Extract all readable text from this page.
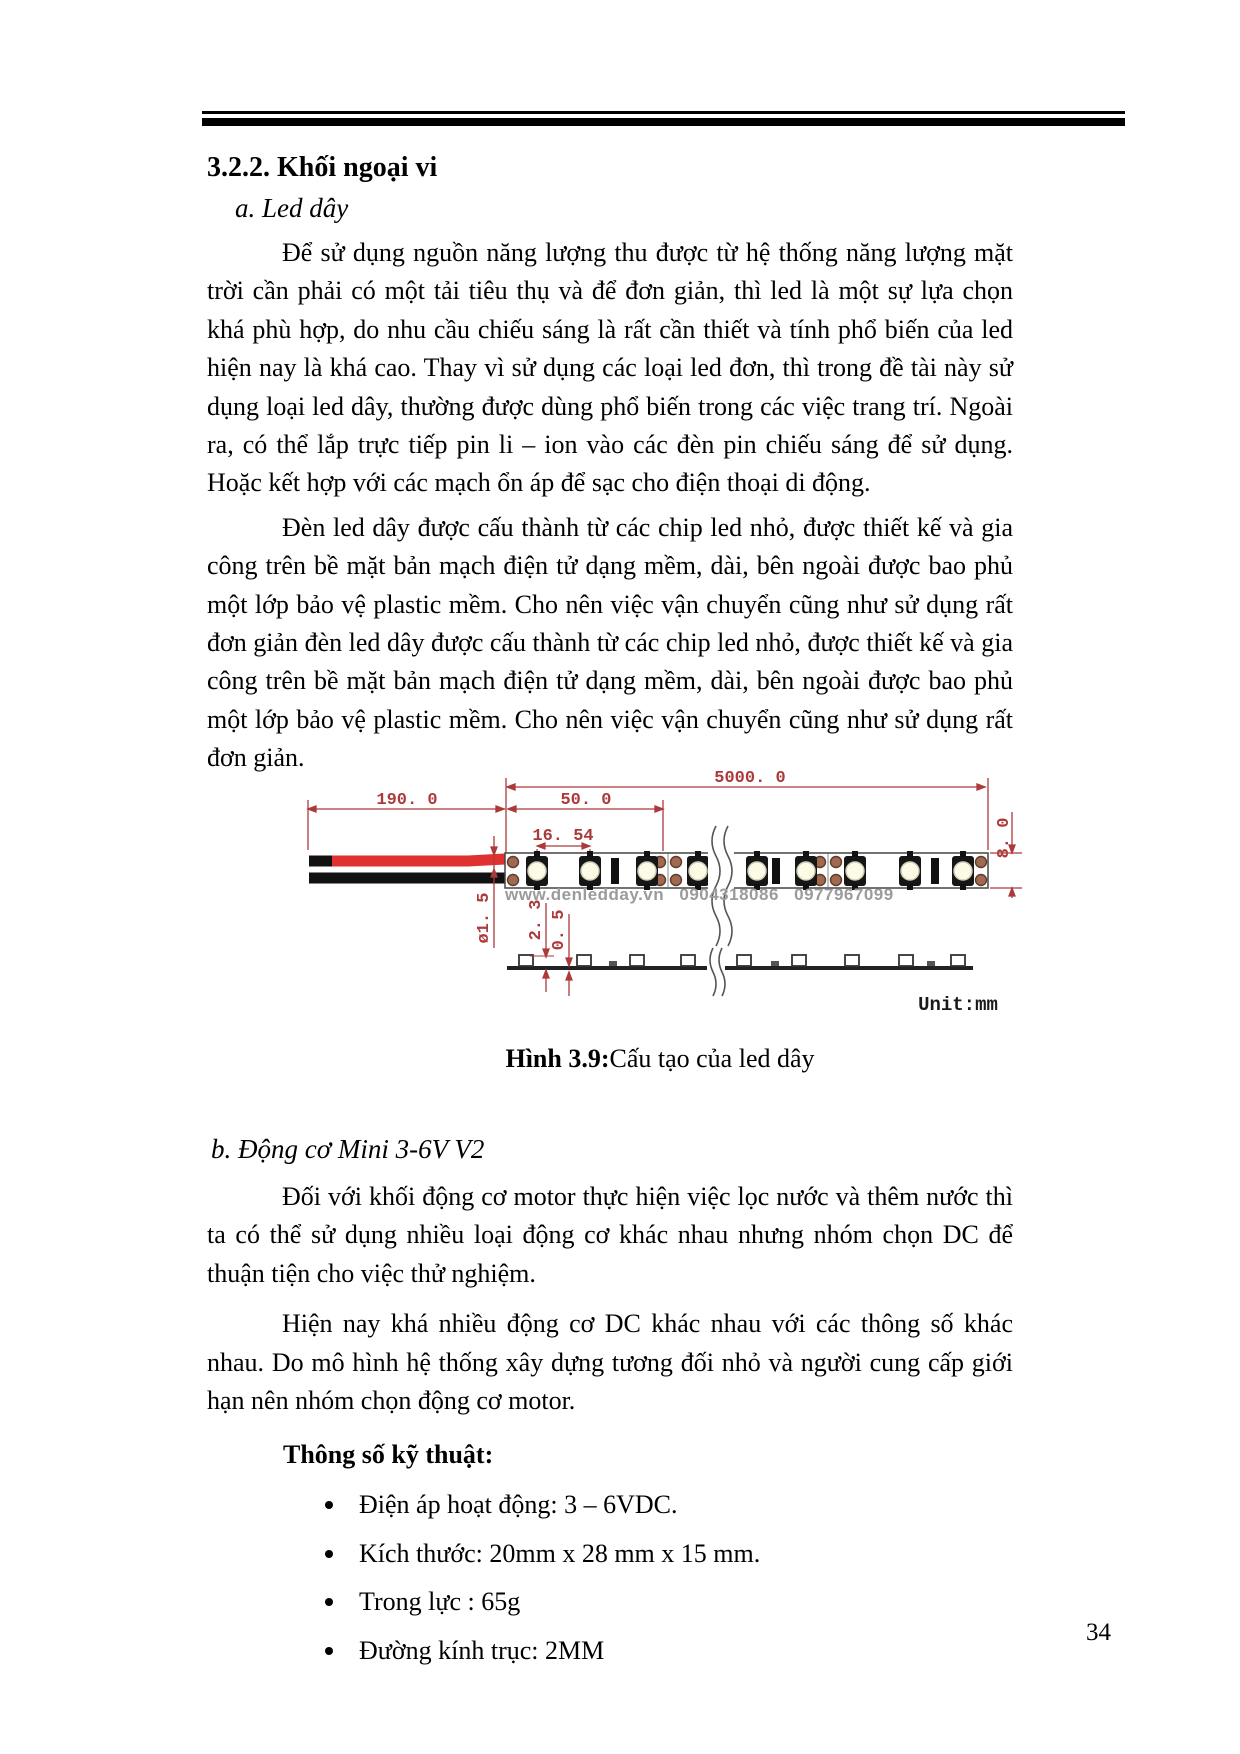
3.2.2. Khối ngoại vi
a. Led dây

Để sử dụng nguồn năng lượng thu được từ hệ thống năng lượng mặt trời cần phải có một tải tiêu thụ và để đơn giản, thì led là một sự lựa chọn khá phù hợp, do nhu cầu chiếu sáng là rất cần thiết và tính phổ biến của led hiện nay là khá cao. Thay vì sử dụng các loại led đơn, thì trong đề tài này sử dụng loại led dây, thường được dùng phổ biến trong các việc trang trí. Ngoài ra, có thể lắp trực tiếp pin li – ion vào các đèn pin chiếu sáng để sử dụng. Hoặc kết hợp với các mạch ổn áp để sạc cho điện thoại di động.

Đèn led dây được cấu thành từ các chip led nhỏ, được thiết kế và gia công trên bề mặt bản mạch điện tử dạng mềm, dài, bên ngoài được bao phủ một lớp bảo vệ plastic mềm. Cho nên việc vận chuyển cũng như sử dụng rất đơn giản đèn led dây được cấu thành từ các chip led nhỏ, được thiết kế và gia công trên bề mặt bản mạch điện tử dạng mềm, dài, bên ngoài được bao phủ một lớp bảo vệ plastic mềm. Cho nên việc vận chuyển cũng như sử dụng rất đơn giản.

5000. 0
190. 0	50. 0
16. 54	8. 0
ø1. 5 www.denledday.vn 0904318086 0977967099
2. 3 0. 5
Unit:mm
Hình 3.9:Cấu tạo của led dây
b. Động cơ Mini 3-6V V2

Đối với khối động cơ motor thực hiện việc lọc nước và thêm nước thì ta có thể sử dụng nhiều loại động cơ khác nhau nhưng nhóm chọn DC để thuận tiện cho việc thử nghiệm.

Hiện nay khá nhiều động cơ DC khác nhau với các thông số khác nhau. Do mô hình hệ thống xây dựng tương đối nhỏ và người cung cấp giới hạn nên nhóm chọn động cơ motor.

Thông số kỹ thuật:
Điện áp hoạt động: 3 – 6VDC.
Kích thước: 20mm x 28 mm x 15 mm.
Trong lực : 65g
Đường kính trục: 2MM
34
